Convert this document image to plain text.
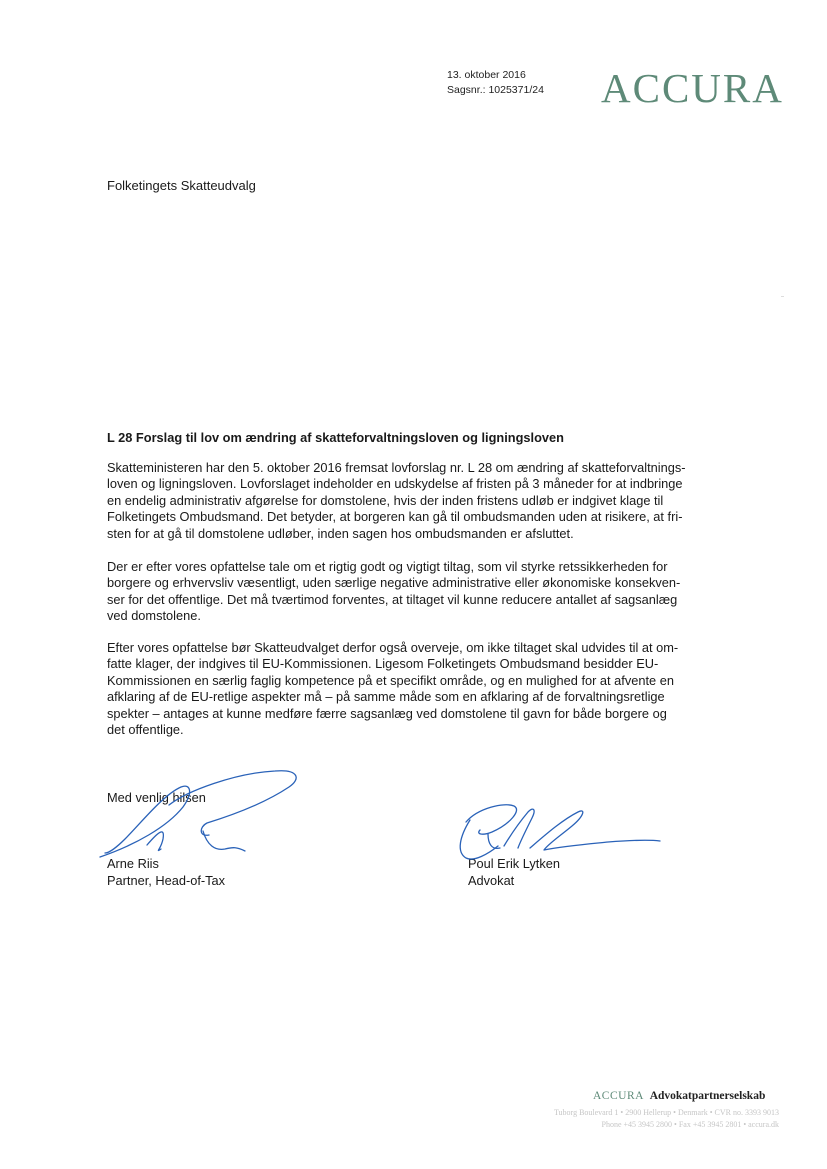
13. oktober 2016
Sagsnr.: 1025371/24 ACCURA
Folketingets Skatteudvalg
L 28 Forslag til lov om ændring af skatteforvaltningsloven og ligningsloven

Skatteministeren har den 5. oktober 2016 fremsat lovforslag nr. L 28 om ændring af skatteforvaltnings-

loven og ligningsloven. Lovforslaget indeholder en udskydelse af fristen på 3 måneder for at indbringe

en endelig administrativ afgørelse for domstolene, hvis der inden fristens udløb er indgivet klage til

Folketingets Ombudsmand. Det betyder, at borgeren kan gå til ombudsmanden uden at risikere, at fri-

sten for at gå til domstolene udløber, inden sagen hos ombudsmanden er afsluttet.

Der er efter vores opfattelse tale om et rigtig godt og vigtigt tiltag, som vil styrke retssikkerheden for

borgere og erhvervsliv væsentligt, uden særlige negative administrative eller økonomiske konsekven-

ser for det offentlige. Det må tværtimod forventes, at tiltaget vil kunne reducere antallet af sagsanlæg

ved domstolene.

Efter vores opfattelse bør Skatteudvalget derfor også overveje, om ikke tiltaget skal udvides til at om-

fatte klager, der indgives til EU-Kommissionen. Ligesom Folketingets Ombudsmand besidder EU-

Kommissionen en særlig faglig kompetence på et specifikt område, og en mulighed for at afvente en

afklaring af de EU-retlige aspekter må – på samme måde som en afklaring af de forvaltningsretlige

spekter – antages at kunne medføre færre sagsanlæg ved domstolene til gavn for både borgere og

det offentlige.

Med venlig hilsen
Arne Riis
Partner, Head-of-Tax
Poul Erik Lytken
Advokat
ACCURA Advokatpartnerselskab
Tuborg Boulevard 1 • 2900 Hellerup • Denmark • CVR no. 3393 9013
Phone +45 3945 2800 • Fax +45 3945 2801 • accura.dk
